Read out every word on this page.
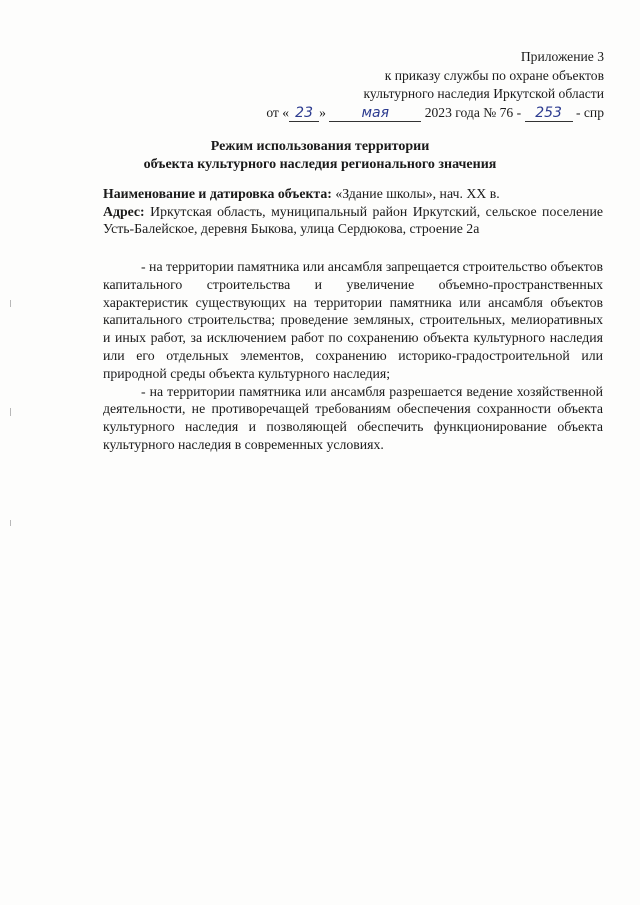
Приложение 3
к приказу службы по охране объектов
культурного наследия Иркутской области
от « 23 »	мая	2023 года № 76 - 253 - спр
Режим использования территории
объекта культурного наследия регионального значения
Наименование и датировка объекта: «Здание школы», нач. XX в.
Адрес: Иркутская область, муниципальный район Иркутский, сельское поселение Усть-Балейское, деревня Быкова, улица Сердюкова, строение 2а

- на территории памятника или ансамбля запрещается строительство объектов капитального строительства и увеличение объемно-пространственных характеристик существующих на территории памятника или ансамбля объектов капитального строительства; проведение земляных, строительных, мелиоративных и иных работ, за исключением работ по сохранению объекта культурного наследия или его отдельных элементов, сохранению историко-градостроительной или природной среды объекта культурного наследия;

- на территории памятника или ансамбля разрешается ведение хозяйственной деятельности, не противоречащей требованиям обеспечения сохранности объекта культурного наследия и позволяющей обеспечить функционирование объекта культурного наследия в современных условиях.
